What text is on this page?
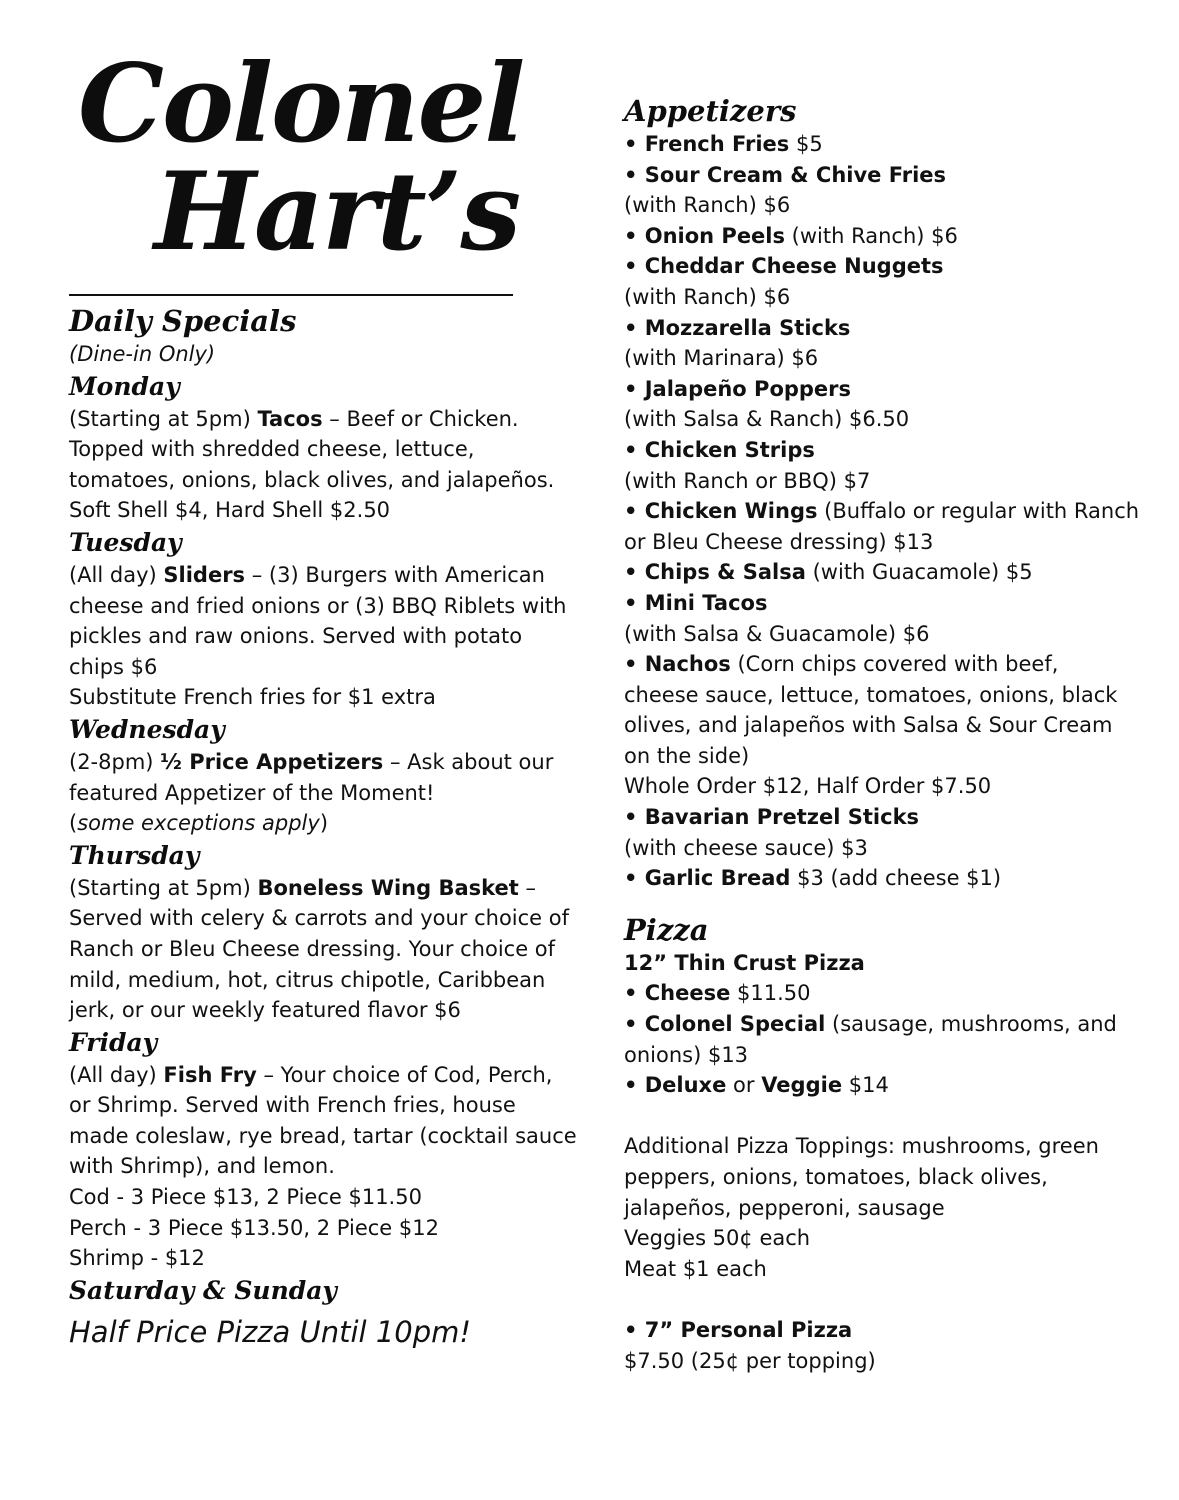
Colonel
Hart’s
Daily Specials
(Dine-in Only)
Monday
(Starting at 5pm) Tacos – Beef or Chicken.
Topped with shredded cheese, lettuce,
tomatoes, onions, black olives, and jalapeños.
Soft Shell $4, Hard Shell $2.50
Tuesday
(All day) Sliders – (3) Burgers with American
cheese and fried onions or (3) BBQ Riblets with
pickles and raw onions. Served with potato
chips $6
Substitute French fries for $1 extra
Wednesday
(2-8pm) ½ Price Appetizers – Ask about our
featured Appetizer of the Moment!
(some exceptions apply)
Thursday
(Starting at 5pm) Boneless Wing Basket –
Served with celery & carrots and your choice of
Ranch or Bleu Cheese dressing. Your choice of
mild, medium, hot, citrus chipotle, Caribbean
jerk, or our weekly featured flavor $6
Friday
(All day) Fish Fry – Your choice of Cod, Perch,
or Shrimp. Served with French fries, house
made coleslaw, rye bread, tartar (cocktail sauce
with Shrimp), and lemon.
Cod - 3 Piece $13, 2 Piece $11.50
Perch - 3 Piece $13.50, 2 Piece $12
Shrimp - $12
Saturday & Sunday
Half Price Pizza Until 10pm!
Appetizers
• French Fries $5
• Sour Cream & Chive Fries
(with Ranch) $6
• Onion Peels (with Ranch) $6
• Cheddar Cheese Nuggets
(with Ranch) $6
• Mozzarella Sticks
(with Marinara) $6
• Jalapeño Poppers
(with Salsa & Ranch) $6.50
• Chicken Strips
(with Ranch or BBQ) $7
• Chicken Wings (Buffalo or regular with Ranch
or Bleu Cheese dressing) $13
• Chips & Salsa (with Guacamole) $5
• Mini Tacos
(with Salsa & Guacamole) $6
• Nachos (Corn chips covered with beef,
cheese sauce, lettuce, tomatoes, onions, black
olives, and jalapeños with Salsa & Sour Cream
on the side)
Whole Order $12, Half Order $7.50
• Bavarian Pretzel Sticks
(with cheese sauce) $3
• Garlic Bread $3 (add cheese $1)
Pizza
12” Thin Crust Pizza
• Cheese $11.50
• Colonel Special (sausage, mushrooms, and
onions) $13
• Deluxe or Veggie $14
Additional Pizza Toppings: mushrooms, green
peppers, onions, tomatoes, black olives,
jalapeños, pepperoni, sausage
Veggies 50¢ each
Meat $1 each
• 7” Personal Pizza
$7.50 (25¢ per topping)
